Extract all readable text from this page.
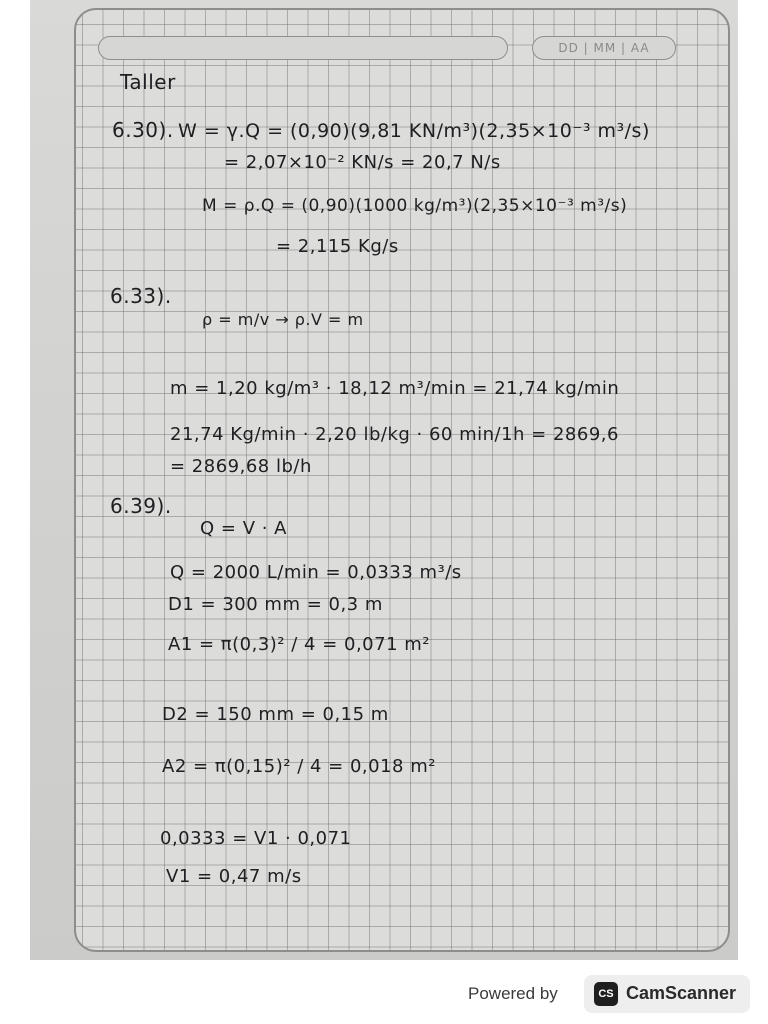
DD | MM | AA

Taller

6.30). W = γ.Q = (0,90)(9,81 KN/m³)(2,35×10⁻³ m³/s)

= 2,07×10⁻² KN/s = 20,7 N/s

M = ρ.Q = (0,90)(1000 kg/m³)(2,35×10⁻³ m³/s)

= 2,115 Kg/s

6.33).

ρ = m/v → ρ.V = m

m = 1,20 kg/m³ · 18,12 m³/min = 21,74 kg/min

21,74 Kg/min · 2,20 lb/kg · 60 min/1h = 2869,6

= 2869,68 lb/h

6.39).

Q = V · A

Q = 2000 L/min = 0,0333 m³/s

D1 = 300 mm = 0,3 m

A1 = π(0,3)² / 4 = 0,071 m²

D2 = 150 mm = 0,15 m

A2 = π(0,15)² / 4 = 0,018 m²

0,0333 = V1 · 0,071

V1 = 0,47 m/s

Powered by	CS CamScanner
